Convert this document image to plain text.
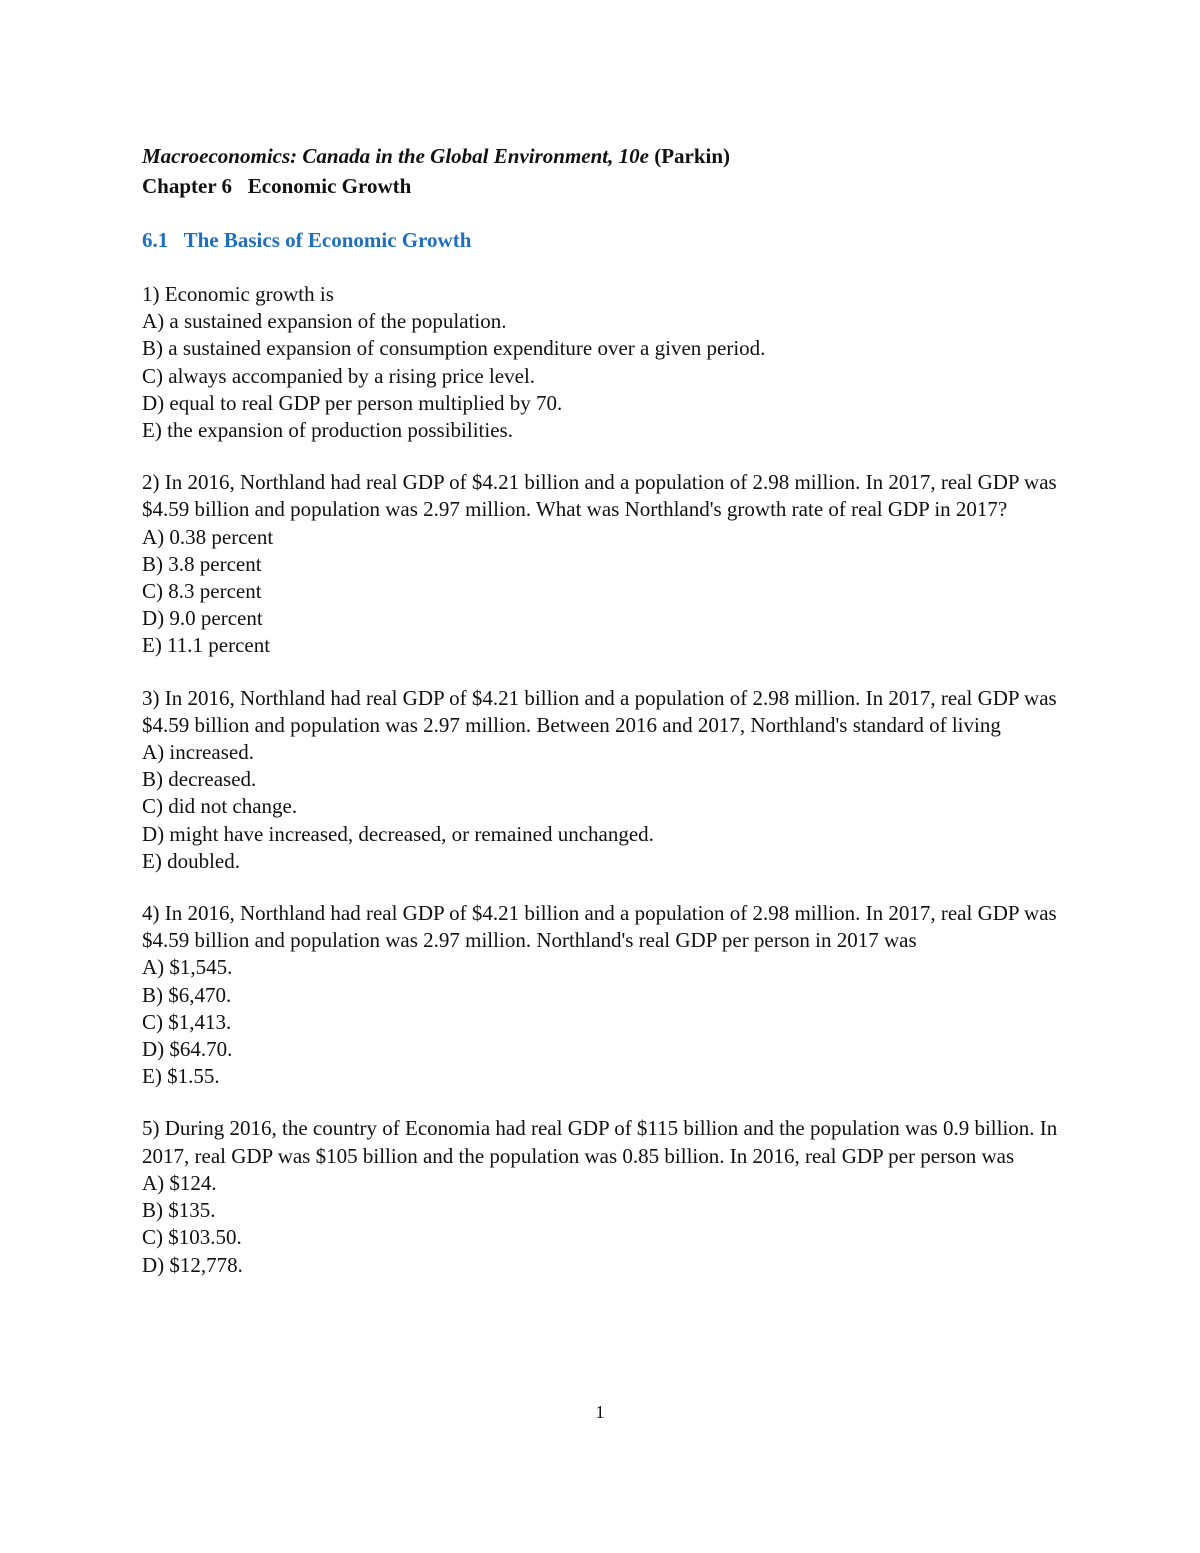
Macroeconomics: Canada in the Global Environment, 10e (Parkin)

Chapter 6   Economic Growth

6.1   The Basics of Economic Growth

1) Economic growth is

A) a sustained expansion of the population.

B) a sustained expansion of consumption expenditure over a given period.

C) always accompanied by a rising price level.

D) equal to real GDP per person multiplied by 70.

E) the expansion of production possibilities.

2) In 2016, Northland had real GDP of $4.21 billion and a population of 2.98 million. In 2017, real GDP was $4.59 billion and population was 2.97 million. What was Northland's growth rate of real GDP in 2017?

A) 0.38 percent

B) 3.8 percent

C) 8.3 percent

D) 9.0 percent

E) 11.1 percent

3) In 2016, Northland had real GDP of $4.21 billion and a population of 2.98 million. In 2017, real GDP was $4.59 billion and population was 2.97 million. Between 2016 and 2017, Northland's standard of living

A) increased.

B) decreased.

C) did not change.

D) might have increased, decreased, or remained unchanged.

E) doubled.

4) In 2016, Northland had real GDP of $4.21 billion and a population of 2.98 million. In 2017, real GDP was $4.59 billion and population was 2.97 million. Northland's real GDP per person in 2017 was

A) $1,545.

B) $6,470.

C) $1,413.

D) $64.70.

E) $1.55.

5) During 2016, the country of Economia had real GDP of $115 billion and the population was 0.9 billion. In 2017, real GDP was $105 billion and the population was 0.85 billion. In 2016, real GDP per person was

A) $124.

B) $135.

C) $103.50.

D) $12,778.

1
